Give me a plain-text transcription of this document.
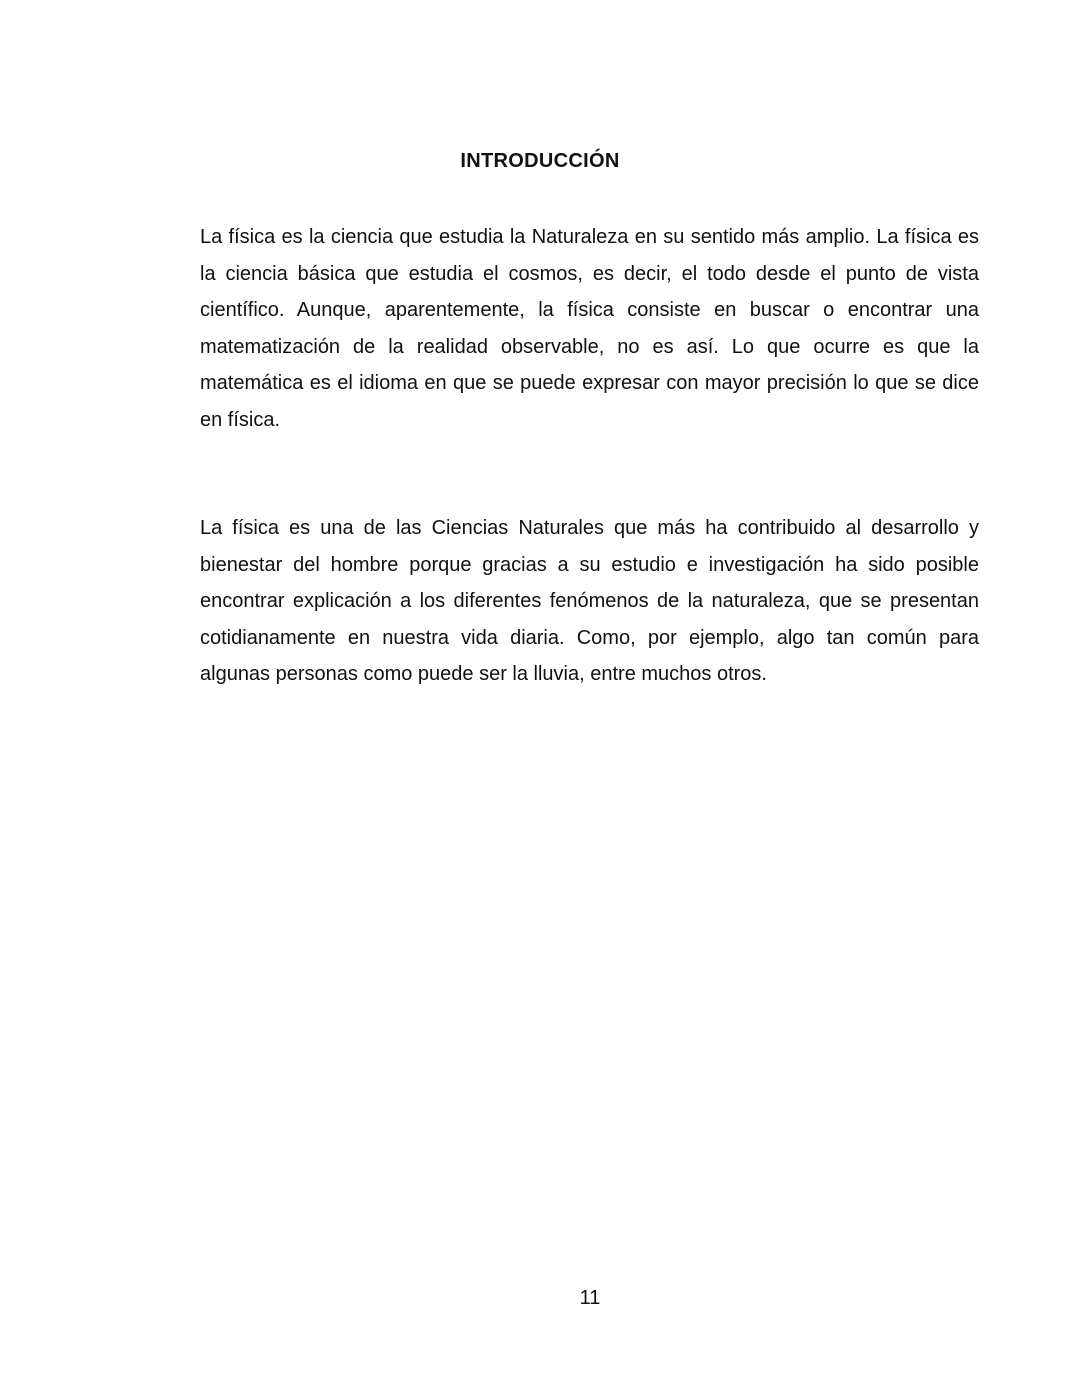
INTRODUCCIÓN

La física es la ciencia que estudia la Naturaleza en su sentido más amplio. La física es la ciencia básica que estudia el cosmos, es decir, el todo desde el punto de vista científico. Aunque, aparentemente, la física consiste en buscar o encontrar una matematización de la realidad observable, no es así. Lo que ocurre es que la matemática es el idioma en que se puede expresar con mayor precisión lo que se dice en física.

La física es una de las Ciencias Naturales que más ha contribuido al desarrollo y bienestar del hombre porque gracias a su estudio e investigación ha sido posible encontrar explicación a los diferentes fenómenos de la naturaleza, que se presentan cotidianamente en nuestra vida diaria. Como, por ejemplo, algo tan común para algunas personas como puede ser la lluvia, entre muchos otros.

11
